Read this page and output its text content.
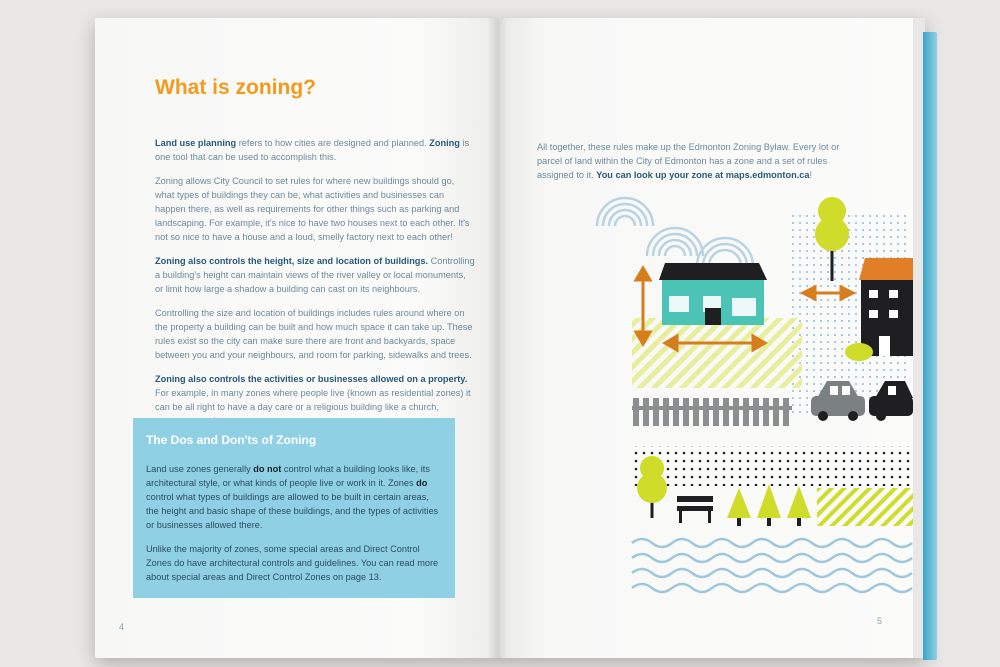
What is zoning?

Land use planning refers to how cities are designed and planned. Zoning is one tool that can be used to accomplish this.

Zoning allows City Council to set rules for where new buildings should go, what types of buildings they can be, what activities and businesses can happen there, as well as requirements for other things such as parking and landscaping. For example, it's nice to have two houses next to each other. It's not so nice to have a house and a loud, smelly factory next to each other!

Zoning also controls the height, size and location of buildings. Controlling a building's height can maintain views of the river valley or local monuments, or limit how large a shadow a building can cast on its neighbours.

Controlling the size and location of buildings includes rules around where on the property a building can be built and how much space it can take up. These rules exist so the city can make sure there are front and backyards, space between you and your neighbours, and room for parking, sidewalks and trees.

Zoning also controls the activities or businesses allowed on a property. For example, in many zones where people live (known as residential zones) it can be all right to have a day care or a religious building like a church,

The Dos and Don'ts of Zoning

Land use zones generally do not control what a building looks like, its architectural style, or what kinds of people live or work in it. Zones do control what types of buildings are allowed to be built in certain areas, the height and basic shape of these buildings, and the types of activities or businesses allowed there.

Unlike the majority of zones, some special areas and Direct Control Zones do have architectural controls and guidelines. You can read more about special areas and Direct Control Zones on page 13.

4
All together, these rules make up the Edmonton Zoning Bylaw. Every lot or parcel of land within the City of Edmonton has a zone and a set of rules assigned to it. You can look up your zone at maps.edmonton.ca!
5
